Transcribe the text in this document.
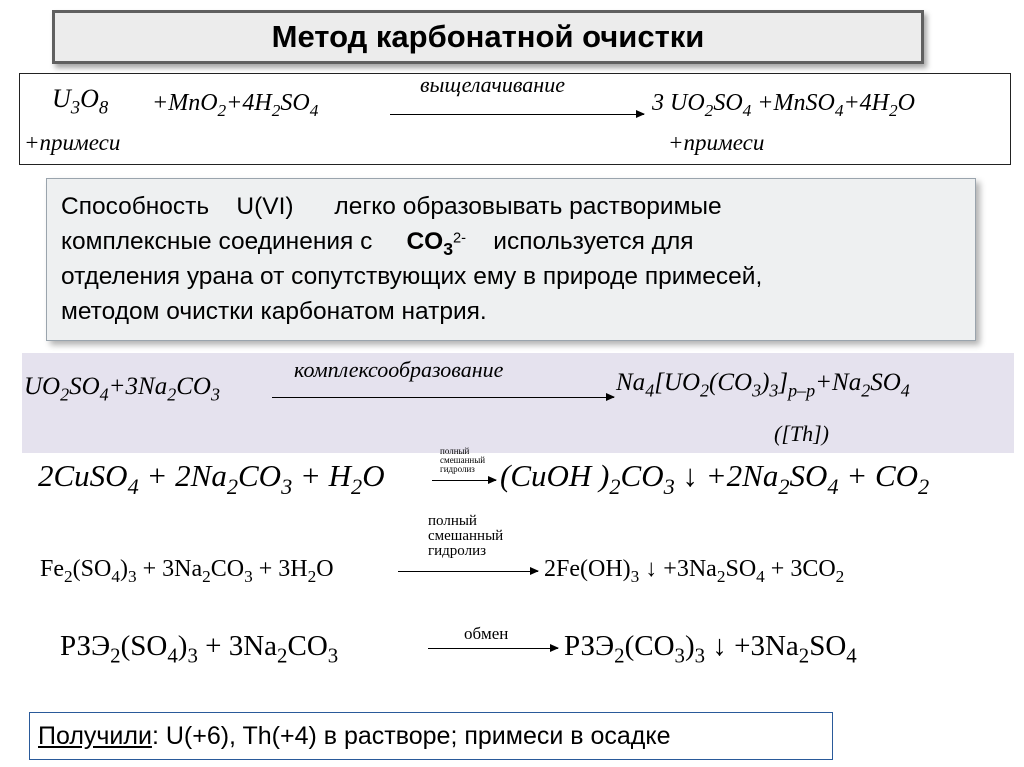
Метод карбонатной очистки
$U_3O_8 +MnO_2+4H_2SO_4$
+примеси
выщелачивание
3 $UO_2SO_4$ $+MnSO_4+4H_2O$
+примеси

Способность U(VI) легко образовывать растворимые

комплексные соединения с $CO_3^{2-}$ используется для

отделения урана от сопутствующих ему в природе примесей,

методом очистки карбонатом натрия.

$UO_2SO_4+3Na_2CO_3$
комплексообразование	$Na_4[UO_2(CO_3)_3]_{p-p}+Na_2SO_4$
([Th])
2CuSO$_4$ + $2Na_2CO_3 + H_2O$
полный
смешанный
гидролиз (CuOH )$_2CO_3$ ↓ $+2Na_2SO_4 + CO_2$
$Fe_2(SO_4)_3 + 3Na_2CO_3 + 3H_2O$
полный
смешанный
гидролиз
$2Fe(OH)_3$ ↓ $+3Na_2SO_4 + 3CO_2$
$РЗЭ_2(SO_4)_3 + 3Na_2CO_3$
обмен $РЗЭ_2(CO_3)_3$ ↓ $+3Na_2SO_4$
Получили : U(+6), Th(+4) в растворе; примеси в осадке
